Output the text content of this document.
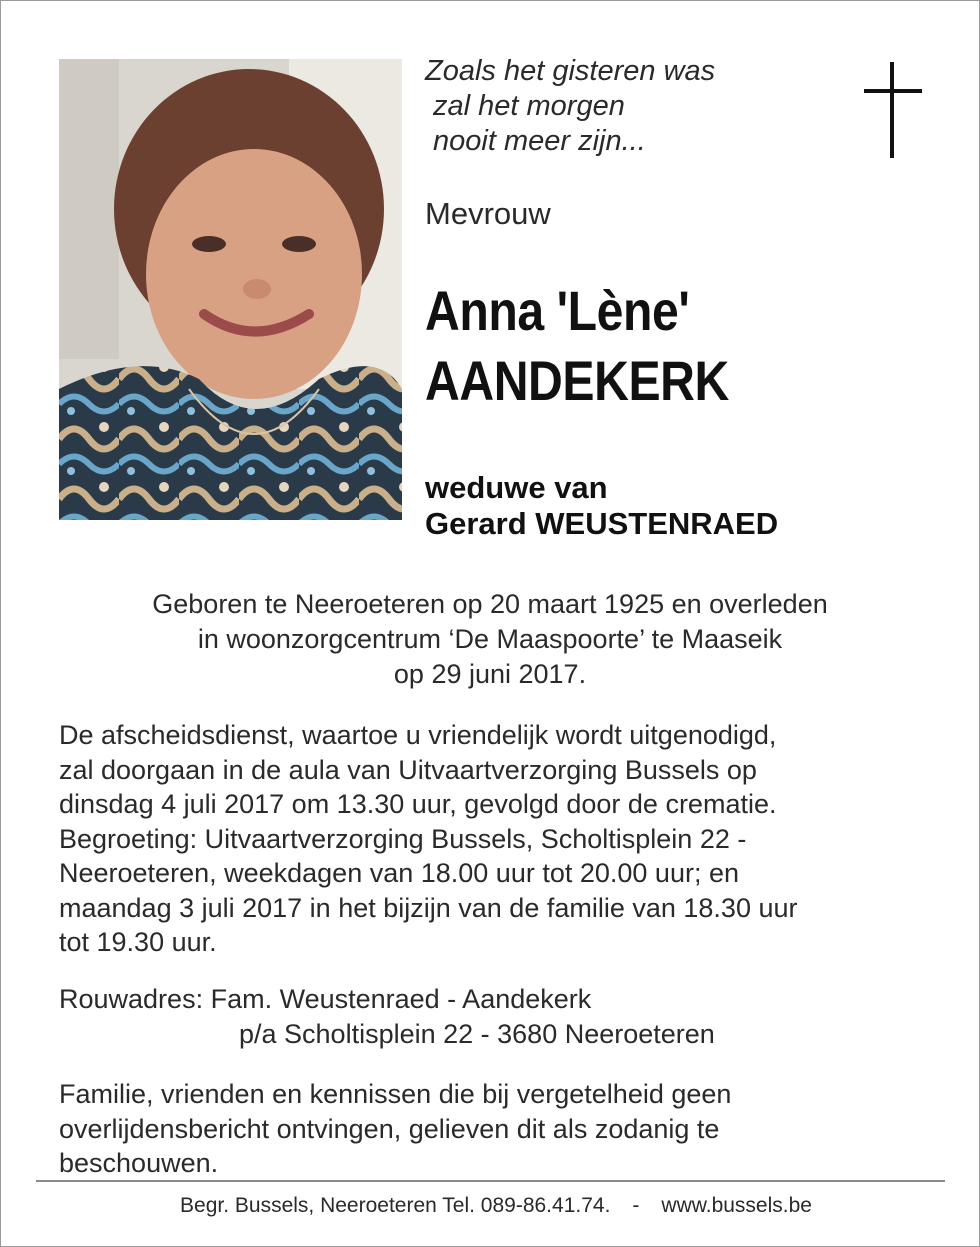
Zoals het gisteren was
zal het morgen
nooit meer zijn...
Mevrouw
Anna 'Lène'
AANDEKERK
weduwe van
Gerard WEUSTENRAED
Geboren te Neeroeteren op 20 maart 1925 en overleden
in woonzorgcentrum ‘De Maaspoorte’ te Maaseik
op 29 juni 2017.
De afscheidsdienst, waartoe u vriendelijk wordt uitgenodigd,
zal doorgaan in de aula van Uitvaartverzorging Bussels op
dinsdag 4 juli 2017 om 13.30 uur, gevolgd door de crematie.
Begroeting: Uitvaartverzorging Bussels, Scholtisplein 22 -
Neeroeteren, weekdagen van 18.00 uur tot 20.00 uur; en
maandag 3 juli 2017 in het bijzijn van de familie van 18.30 uur
tot 19.30 uur.
Rouwadres: Fam. Weustenraed - Aandekerk
p/a Scholtisplein 22 - 3680 Neeroeteren
Familie, vrienden en kennissen die bij vergetelheid geen
overlijdensbericht ontvingen, gelieven dit als zodanig te
beschouwen.
Begr. Bussels, Neeroeteren Tel. 089-86.41.74. - www.bussels.be
